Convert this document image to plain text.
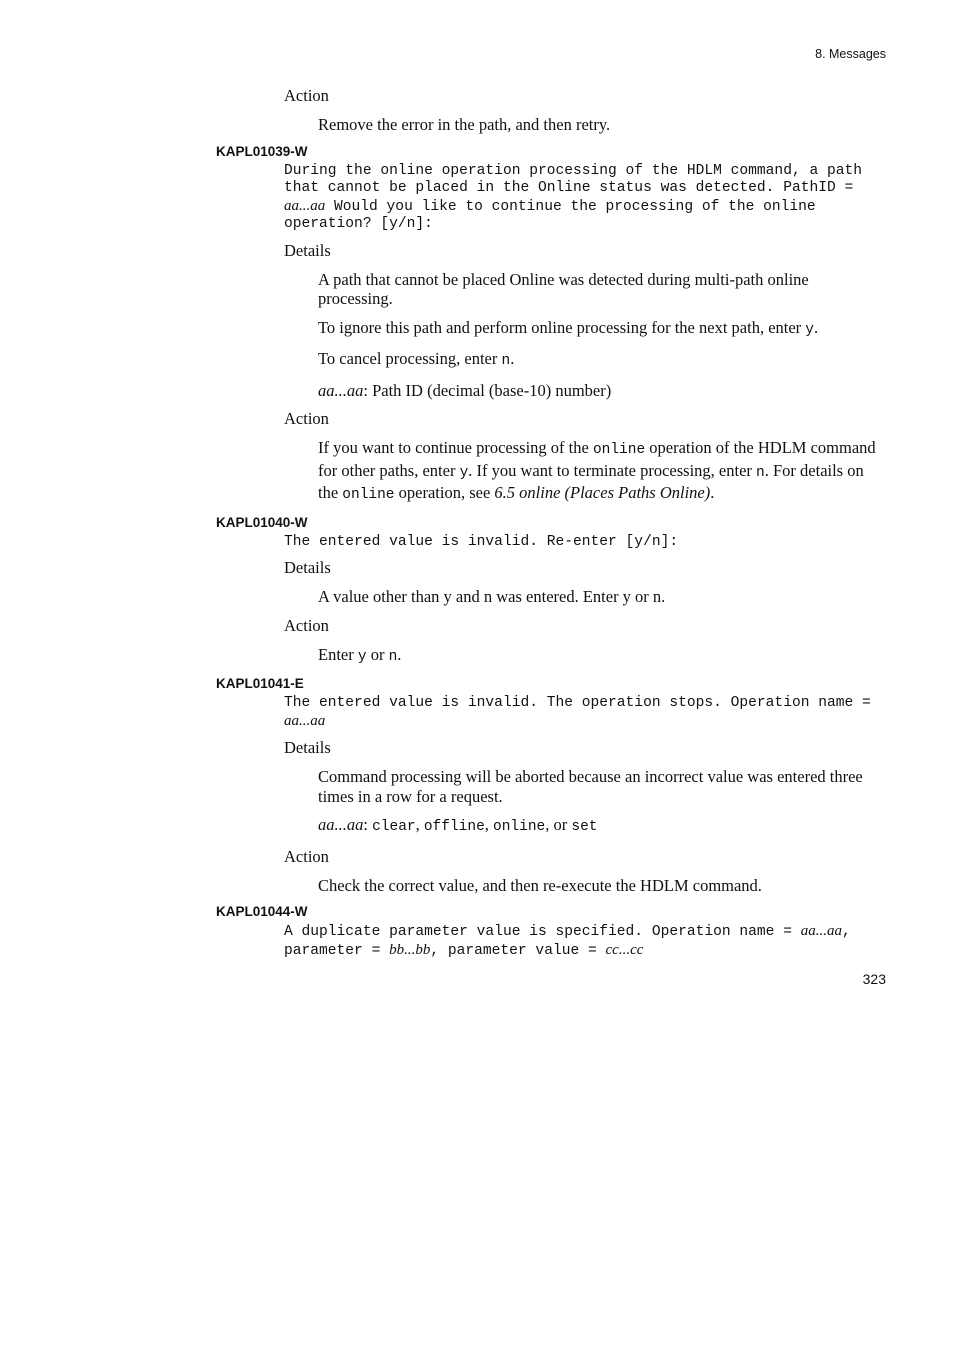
8. Messages
Action
Remove the error in the path, and then retry.
KAPL01039-W
During the online operation processing of the HDLM command, a path that cannot be placed in the Online status was detected. PathID = aa...aa Would you like to continue the processing of the online operation? [y/n]:
Details
A path that cannot be placed Online was detected during multi-path online processing.
To ignore this path and perform online processing for the next path, enter y.
To cancel processing, enter n.
aa...aa: Path ID (decimal (base-10) number)
Action
If you want to continue processing of the online operation of the HDLM command for other paths, enter y. If you want to terminate processing, enter n. For details on the online operation, see 6.5 online (Places Paths Online).
KAPL01040-W
The entered value is invalid. Re-enter [y/n]:
Details
A value other than y and n was entered. Enter y or n.
Action
Enter y or n.
KAPL01041-E
The entered value is invalid. The operation stops. Operation name = aa...aa
Details
Command processing will be aborted because an incorrect value was entered three times in a row for a request.
aa...aa: clear, offline, online, or set
Action
Check the correct value, and then re-execute the HDLM command.
KAPL01044-W
A duplicate parameter value is specified. Operation name = aa...aa, parameter = bb...bb, parameter value = cc...cc
323
